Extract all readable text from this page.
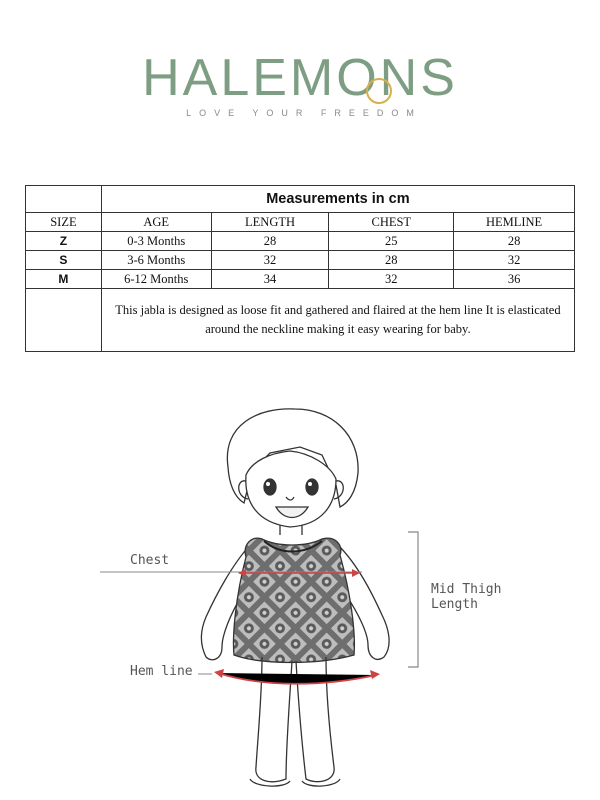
HALEMONS
LOVE YOUR FREEDOM
	Measurements in cm			
SIZE	AGE	LENGTH	CHEST	HEMLINE
Z	0-3 Months	28	25	28
S	3-6 Months	32	28	32
M	6-12 Months	34	32	36
	This jabla is designed as loose fit and gathered and flaired at the hem line It is elasticated around the neckline making it easy wearing for baby.			
Chest
Hem line
Mid Thigh
Length
